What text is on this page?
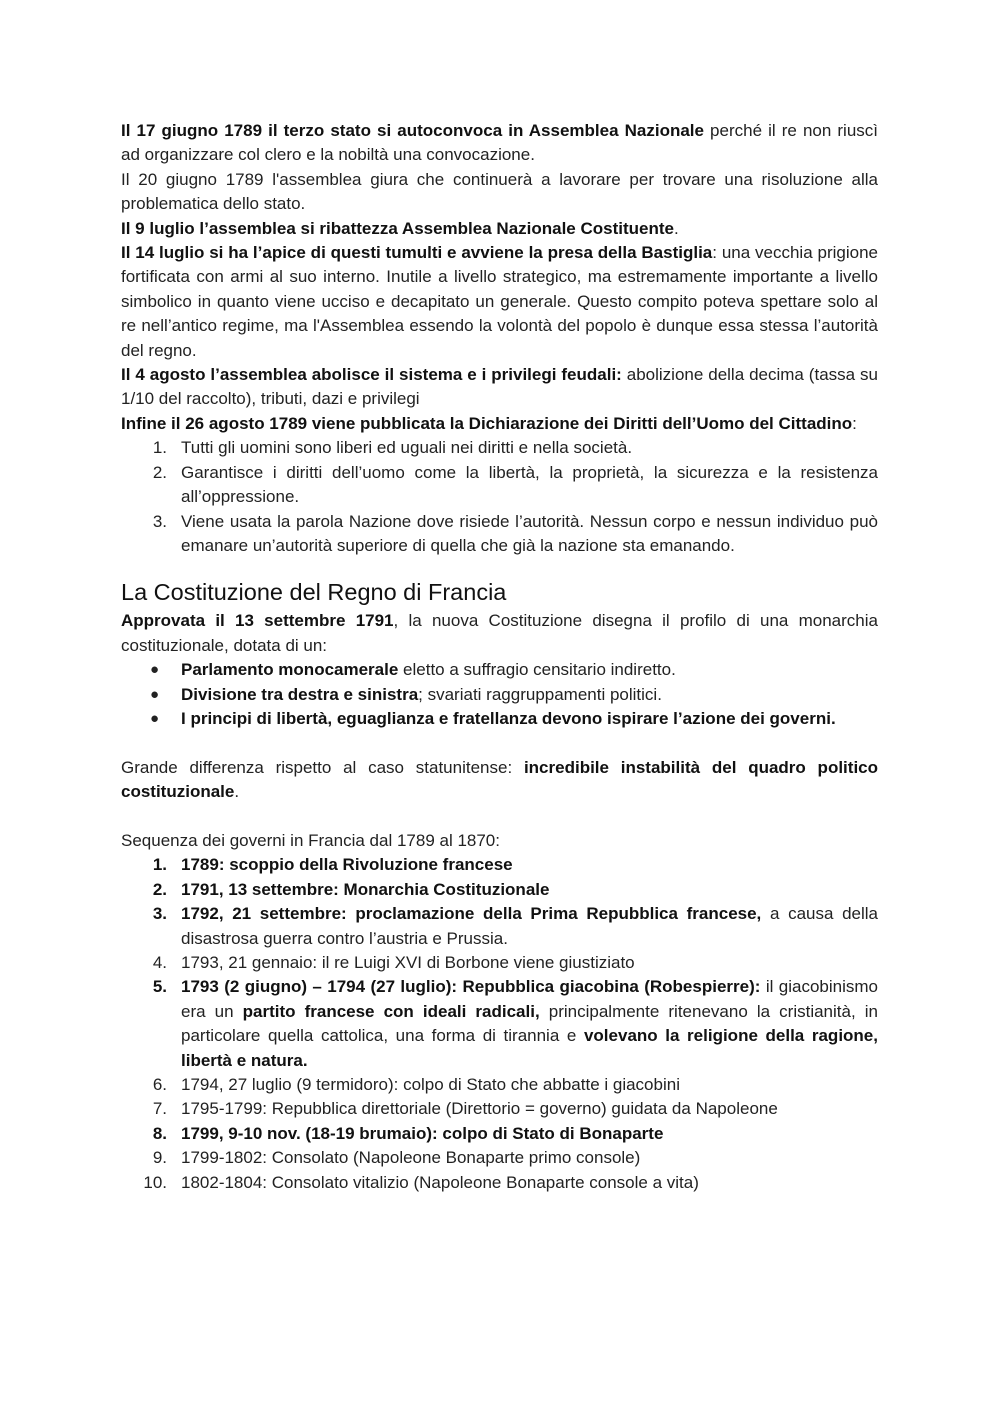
Il 17 giugno 1789 il terzo stato si autoconvoca in Assemblea Nazionale perché il re non riuscì ad organizzare col clero e la nobiltà una convocazione.

Il 20 giugno 1789 l'assemblea giura che continuerà a lavorare per trovare una risoluzione alla problematica dello stato.

Il 9 luglio l’assemblea si ribattezza Assemblea Nazionale Costituente.

Il 14 luglio si ha l’apice di questi tumulti e avviene la presa della Bastiglia: una vecchia prigione fortificata con armi al suo interno. Inutile a livello strategico, ma estremamente importante a livello simbolico in quanto viene ucciso e decapitato un generale. Questo compito poteva spettare solo al re nell’antico regime, ma l'Assemblea essendo la volontà del popolo è dunque essa stessa l’autorità del regno.

Il 4 agosto l’assemblea abolisce il sistema e i privilegi feudali: abolizione della decima (tassa su 1/10 del raccolto), tributi, dazi e privilegi

Infine il 26 agosto 1789 viene pubblicata la Dichiarazione dei Diritti dell’Uomo del Cittadino:

1. Tutti gli uomini sono liberi ed uguali nei diritti e nella società.
2. Garantisce i diritti dell’uomo come la libertà, la proprietà, la sicurezza e la resistenza all’oppressione.
3. Viene usata la parola Nazione dove risiede l’autorità. Nessun corpo e nessun individuo può emanare un’autorità superiore di quella che già la nazione sta emanando.
La Costituzione del Regno di Francia

Approvata il 13 settembre 1791, la nuova Costituzione disegna il profilo di una monarchia costituzionale, dotata di un:

● Parlamento monocamerale eletto a suffragio censitario indiretto.
● Divisione tra destra e sinistra; svariati raggruppamenti politici.
● I principi di libertà, eguaglianza e fratellanza devono ispirare l’azione dei governi.

Grande differenza rispetto al caso statunitense: incredibile instabilità del quadro politico costituzionale.

Sequenza dei governi in Francia dal 1789 al 1870:

1. 1789: scoppio della Rivoluzione francese
2. 1791, 13 settembre: Monarchia Costituzionale
3. 1792, 21 settembre: proclamazione della Prima Repubblica francese, a causa della disastrosa guerra contro l’austria e Prussia.
4. 1793, 21 gennaio: il re Luigi XVI di Borbone viene giustiziato
5. 1793 (2 giugno) – 1794 (27 luglio): Repubblica giacobina (Robespierre): il giacobinismo era un partito francese con ideali radicali, principalmente ritenevano la cristianità, in particolare quella cattolica, una forma di tirannia e volevano la religione della ragione, libertà e natura.
6. 1794, 27 luglio (9 termidoro): colpo di Stato che abbatte i giacobini
7. 1795-1799: Repubblica direttoriale (Direttorio = governo) guidata da Napoleone
8. 1799, 9-10 nov. (18-19 brumaio): colpo di Stato di Bonaparte
9. 1799-1802: Consolato (Napoleone Bonaparte primo console)
10. 1802-1804: Consolato vitalizio (Napoleone Bonaparte console a vita)
